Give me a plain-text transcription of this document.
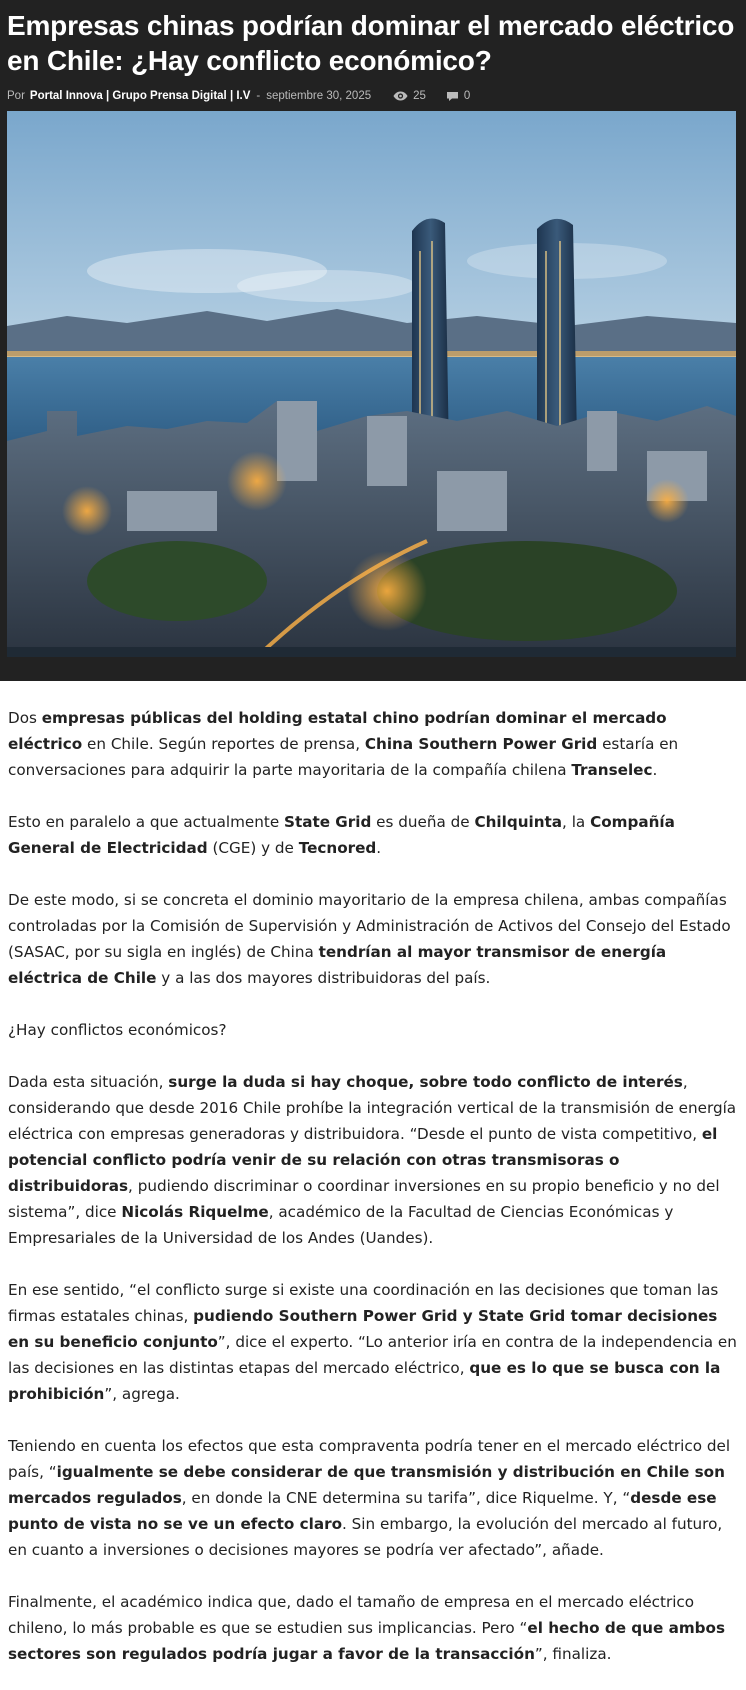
Empresas chinas podrían dominar el mercado eléctrico en Chile: ¿Hay conflicto económico?
Por Portal Innova | Grupo Prensa Digital | I.V - septiembre 30, 2025	25	0

Dos empresas públicas del holding estatal chino podrían dominar el mercado eléctrico en Chile. Según reportes de prensa, China Southern Power Grid estaría en conversaciones para adquirir la parte mayoritaria de la compañía chilena Transelec.

Esto en paralelo a que actualmente State Grid es dueña de Chilquinta, la Compañía General de Electricidad (CGE) y de Tecnored.

De este modo, si se concreta el dominio mayoritario de la empresa chilena, ambas compañías controladas por la Comisión de Supervisión y Administración de Activos del Consejo del Estado (SASAC, por su sigla en inglés) de China tendrían al mayor transmisor de energía eléctrica de Chile y a las dos mayores distribuidoras del país.

¿Hay conflictos económicos?

Dada esta situación, surge la duda si hay choque, sobre todo conflicto de interés, considerando que desde 2016 Chile prohíbe la integración vertical de la transmisión de energía eléctrica con empresas generadoras y distribuidora. “Desde el punto de vista competitivo, el potencial conflicto podría venir de su relación con otras transmisoras o distribuidoras, pudiendo discriminar o coordinar inversiones en su propio beneficio y no del sistema”, dice Nicolás Riquelme, académico de la Facultad de Ciencias Económicas y Empresariales de la Universidad de los Andes (Uandes).

En ese sentido, “el conflicto surge si existe una coordinación en las decisiones que toman las firmas estatales chinas, pudiendo Southern Power Grid y State Grid tomar decisiones en su beneficio conjunto”, dice el experto. “Lo anterior iría en contra de la independencia en las decisiones en las distintas etapas del mercado eléctrico, que es lo que se busca con la prohibición”, agrega.

Teniendo en cuenta los efectos que esta compraventa podría tener en el mercado eléctrico del país, “igualmente se debe considerar de que transmisión y distribución en Chile son mercados regulados, en donde la CNE determina su tarifa”, dice Riquelme. Y, “desde ese punto de vista no se ve un efecto claro. Sin embargo, la evolución del mercado al futuro, en cuanto a inversiones o decisiones mayores se podría ver afectado”, añade.

Finalmente, el académico indica que, dado el tamaño de empresa en el mercado eléctrico chileno, lo más probable es que se estudien sus implicancias. Pero “el hecho de que ambos sectores son regulados podría jugar a favor de la transacción”, finaliza.
